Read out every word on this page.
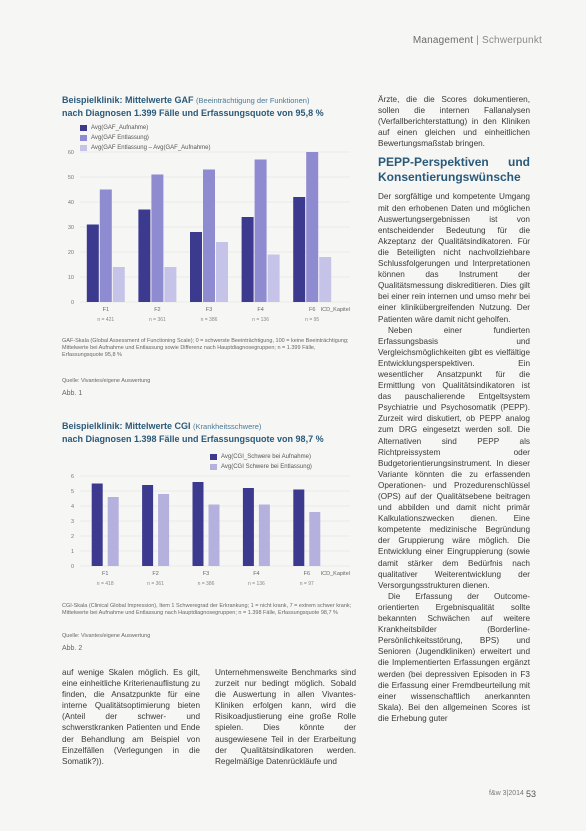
Management | Schwerpunkt
Beispielklinik: Mittelwerte GAF (Beeinträchtigung der Funktionen)
nach Diagnosen 1.399 Fälle und Erfassungsquote von 95,8 %
Avg(GAF_Aufnahme)
Avg(GAF Entlassung)
Avg(GAF Entlassung – Avg(GAF_Aufnahme)
0
10
20
30
40
50
60
F1
n = 421
F2
n = 361
F3
n = 386
F4
n = 136
F6
n = 95
ICD_Kapitel
GAF-Skala (Global Assessment of Functioning Scale); 0 = schwerste Beeinträchtigung, 100 = keine Beeinträchtigung; Mittelwerte bei Aufnahme und Entlassung sowie Differenz nach Hauptdiagnosegruppen; n = 1.399 Fälle, Erfassungsquote 95,8 %
Quelle: Vivantes/eigene Auswertung
Abb. 1
Beispielklinik: Mittelwerte CGI (Krankheitsschwere)
nach Diagnosen 1.398 Fälle und Erfassungsquote von 98,7 %
Avg(CGI_Schwere bei Aufnahme)
Avg(CGI Schwere bei Entlassung)
0
1
2
3
4
5
6
F1
n = 418
F2
n = 361
F3
n = 386
F4
n = 136
F6
n = 97
ICD_Kapitel
CGI-Skala (Clinical Global Impression), Item 1 Schweregrad der Erkrankung; 1 = nicht krank, 7 = extrem schwer krank; Mittelwerte bei Aufnahme und Entlassung nach Hauptdiagnosegruppen; n = 1.398 Fälle, Erfassungsquote 98,7 %
Quelle: Vivantes/eigene Auswertung
Abb. 2

auf wenige Skalen möglich. Es gilt, eine einheitliche Kriterienauflistung zu finden, die Ansatzpunkte für eine interne Qualitätsoptimierung bieten (Anteil der schwer- und schwerstkranken Patienten und Ende der Behandlung am Beispiel von Einzelfällen (Verlegungen in die Somatik?)).

Unternehmensweite Benchmarks sind zurzeit nur bedingt möglich. Sobald die Auswertung in allen Vivantes-Kliniken erfolgen kann, wird die Risikoadjustierung eine große Rolle spielen. Dies könnte der ausgewiesene Teil in der Erarbeitung der Qualitätsindikatoren werden. Regelmäßige Datenrückläufe und

Ärzte, die die Scores dokumentieren, sollen die internen Fallanalysen (Verfallberichterstattung) in den Kliniken auf einen gleichen und einheitlichen Bewertungsmaßstab bringen.

PEPP-Perspektiven und Konsentierungswünsche

Der sorgfältige und kompetente Umgang mit den erhobenen Daten und möglichen Auswertungsergebnissen ist von entscheidender Bedeutung für die Akzeptanz der Qualitätsindikatoren. Für die Beteiligten nicht nachvollziehbare Schlussfolgerungen und Interpretationen können das Instrument der Qualitätsmessung diskreditieren. Dies gilt bei einer rein internen und umso mehr bei einer klinikübergreifenden Nutzung. Der Patienten wäre damit nicht geholfen.

Neben einer fundierten Erfassungsbasis und Vergleichsmöglichkeiten gibt es vielfältige Entwicklungsperspektiven. Ein wesentlicher Ansatzpunkt für die Ermittlung von Qualitätsindikatoren ist das pauschalierende Entgeltsystem Psychiatrie und Psychosomatik (PEPP). Zurzeit wird diskutiert, ob PEPP analog zum DRG eingesetzt werden soll. Die Alternativen sind PEPP als Richtpreissystem oder Budgetorientierungsinstrument. In dieser Variante könnten die zu erfassenden Operationen- und Prozedurenschlüssel (OPS) auf der Qualitätsebene beitragen und abbilden und damit nicht primär Kalkulationszwecken dienen. Eine kompetente medizinische Begründung der Gruppierung wäre möglich. Die Entwicklung einer Eingruppierung (sowie damit stärker dem Bedürfnis nach qualitativer Weiterentwicklung der Versorgungsstrukturen dienen.

Die Erfassung der Outcome-orientierten Ergebnisqualität sollte bekannten Schwächen auf weitere Krankheitsbilder (Borderline-Persönlichkeitsstörung, BPS) und Senioren (Jugendkliniken) erweitert und die Implementierten Erfassungen ergänzt werden (bei depressiven Episoden in F3 die Erfassung einer Fremdbeurteilung mit einer wissenschaftlich anerkannten Skala). Bei den allgemeinen Scores ist die Erhebung guter

f&w 3|2014 53
